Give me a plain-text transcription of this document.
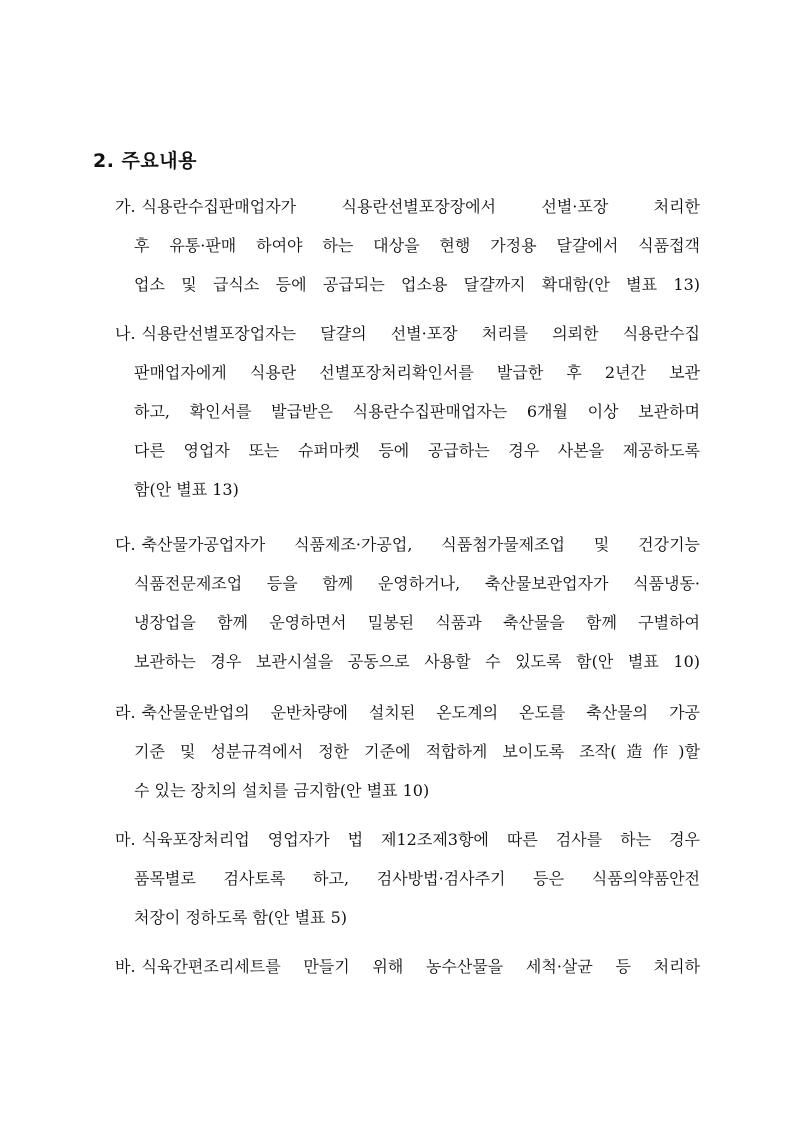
2. 주요내용
가. 식용란수집판매업자가 식용란선별포장장에서 선별·포장 처리한
후 유통·판매 하여야 하는 대상을 현행 가정용 달걀에서 식품접객
업소 및 급식소 등에 공급되는 업소용 달걀까지 확대함(안 별표 13)
나. 식용란선별포장업자는 달걀의 선별·포장 처리를 의뢰한 식용란수집
판매업자에게 식용란 선별포장처리확인서를 발급한 후 2년간 보관
하고, 확인서를 발급받은 식용란수집판매업자는 6개월 이상 보관하며
다른 영업자 또는 슈퍼마켓 등에 공급하는 경우 사본을 제공하도록
함(안 별표 13)
다. 축산물가공업자가 식품제조·가공업, 식품첨가물제조업 및 건강기능
식품전문제조업 등을 함께 운영하거나, 축산물보관업자가 식품냉동·
냉장업을 함께 운영하면서 밀봉된 식품과 축산물을 함께 구별하여
보관하는 경우 보관시설을 공동으로 사용할 수 있도록 함(안 별표 10)
라. 축산물운반업의 운반차량에 설치된 온도계의 온도를 축산물의 가공
기준 및 성분규격에서 정한 기준에 적합하게 보이도록 조작(造作)할
수 있는 장치의 설치를 금지함(안 별표 10)
마. 식육포장처리업 영업자가 법 제12조제3항에 따른 검사를 하는 경우
품목별로 검사토록 하고, 검사방법·검사주기 등은 식품의약품안전
처장이 정하도록 함(안 별표 5)
바. 식육간편조리세트를 만들기 위해 농수산물을 세척·살균 등 처리하
